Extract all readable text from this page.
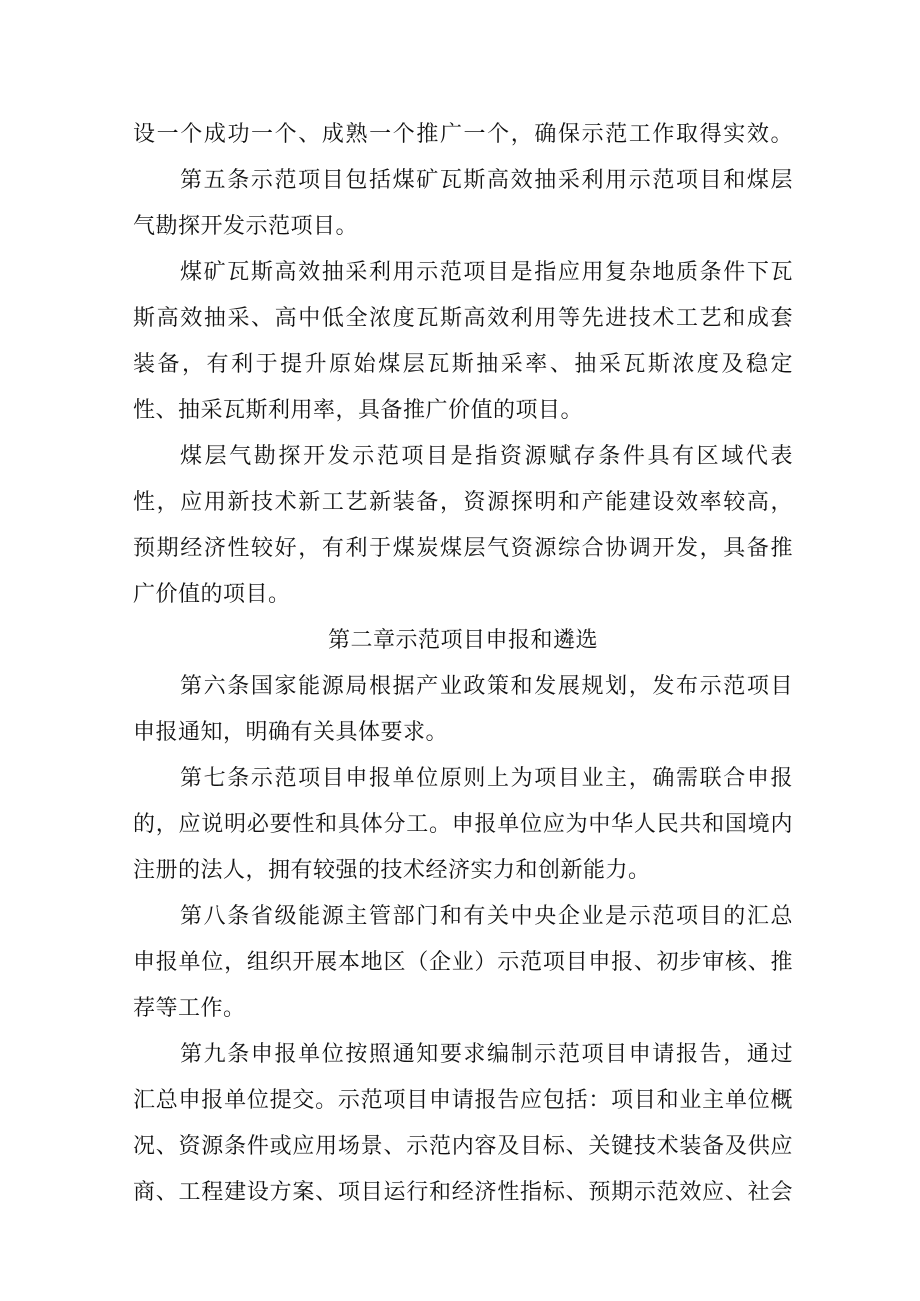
设一个成功一个、成熟一个推广一个，确保示范工作取得实效。
第五条示范项目包括煤矿瓦斯高效抽采利用示范项目和煤层
气勘探开发示范项目。
煤矿瓦斯高效抽采利用示范项目是指应用复杂地质条件下瓦
斯高效抽采、高中低全浓度瓦斯高效利用等先进技术工艺和成套
装备，有利于提升原始煤层瓦斯抽采率、抽采瓦斯浓度及稳定
性、抽采瓦斯利用率，具备推广价值的项目。
煤层气勘探开发示范项目是指资源赋存条件具有区域代表
性，应用新技术新工艺新装备，资源探明和产能建设效率较高，
预期经济性较好，有利于煤炭煤层气资源综合协调开发，具备推
广价值的项目。
第二章示范项目申报和遴选
第六条国家能源局根据产业政策和发展规划，发布示范项目
申报通知，明确有关具体要求。
第七条示范项目申报单位原则上为项目业主，确需联合申报
的，应说明必要性和具体分工。申报单位应为中华人民共和国境内
注册的法人，拥有较强的技术经济实力和创新能力。
第八条省级能源主管部门和有关中央企业是示范项目的汇总
申报单位，组织开展本地区（企业）示范项目申报、初步审核、推
荐等工作。
第九条申报单位按照通知要求编制示范项目申请报告，通过
汇总申报单位提交。示范项目申请报告应包括：项目和业主单位概
况、资源条件或应用场景、示范内容及目标、关键技术装备及供应
商、工程建设方案、项目运行和经济性指标、预期示范效应、社会
